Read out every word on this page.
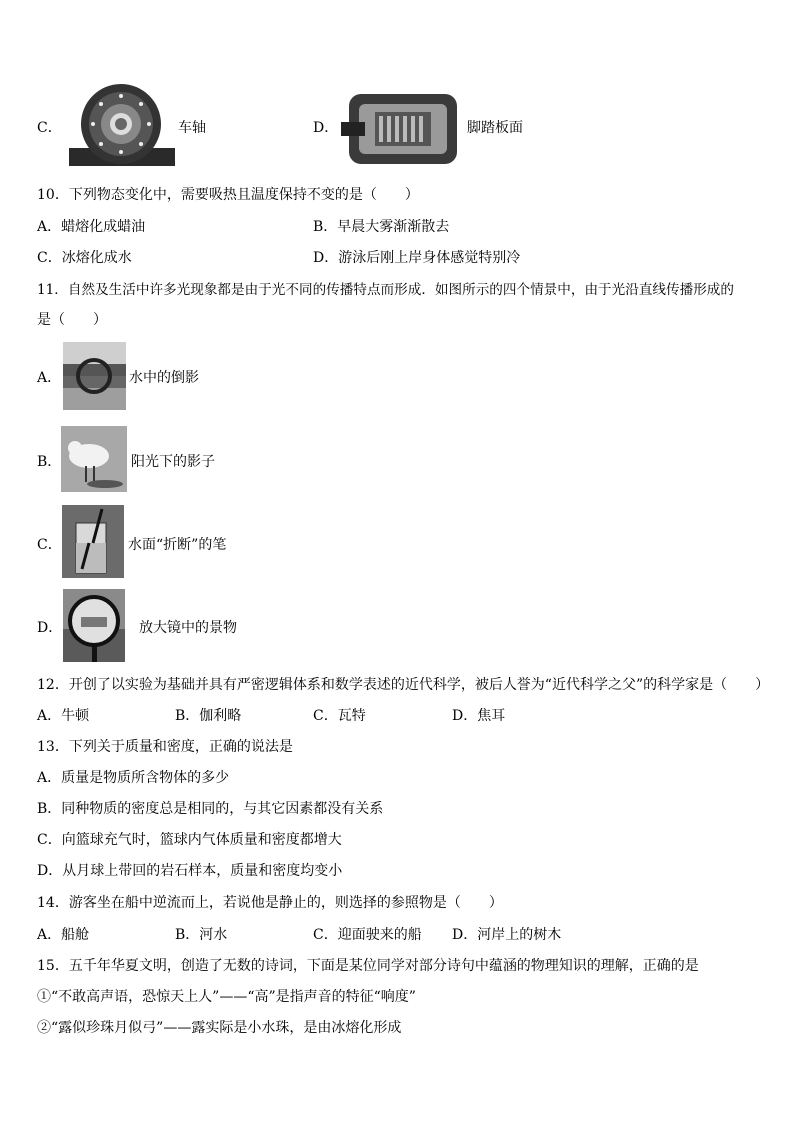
C．	车轴	D．	脚踏板面
10．下列物态变化中，需要吸热且温度保持不变的是（　　）
A．蜡熔化成蜡油	B．早晨大雾渐渐散去
C．冰熔化成水	D．游泳后刚上岸身体感觉特别冷
11．自然及生活中许多光现象都是由于光不同的传播特点而形成．如图所示的四个情景中，由于光沿直线传播形成的
是（　　）
A．	水中的倒影
B．	阳光下的影子
C．	水面“折断”的笔
D．	放大镜中的景物
12．开创了以实验为基础并具有严密逻辑体系和数学表述的近代科学，被后人誉为“近代科学之父”的科学家是（　　）
A．牛顿	B．伽利略	C．瓦特	D．焦耳
13．下列关于质量和密度，正确的说法是
A．质量是物质所含物体的多少
B．同种物质的密度总是相同的，与其它因素都没有关系
C．向篮球充气时，篮球内气体质量和密度都增大
D．从月球上带回的岩石样本，质量和密度均变小
14．游客坐在船中逆流而上，若说他是静止的，则选择的参照物是（　　）
A．船舱	B．河水	C．迎面驶来的船 D．河岸上的树木
15．五千年华夏文明，创造了无数的诗词，下面是某位同学对部分诗句中蕴涵的物理知识的理解，正确的是
①“不敢高声语，恐惊天上人”——“高”是指声音的特征“响度”
②“露似珍珠月似弓”——露实际是小水珠，是由冰熔化形成
